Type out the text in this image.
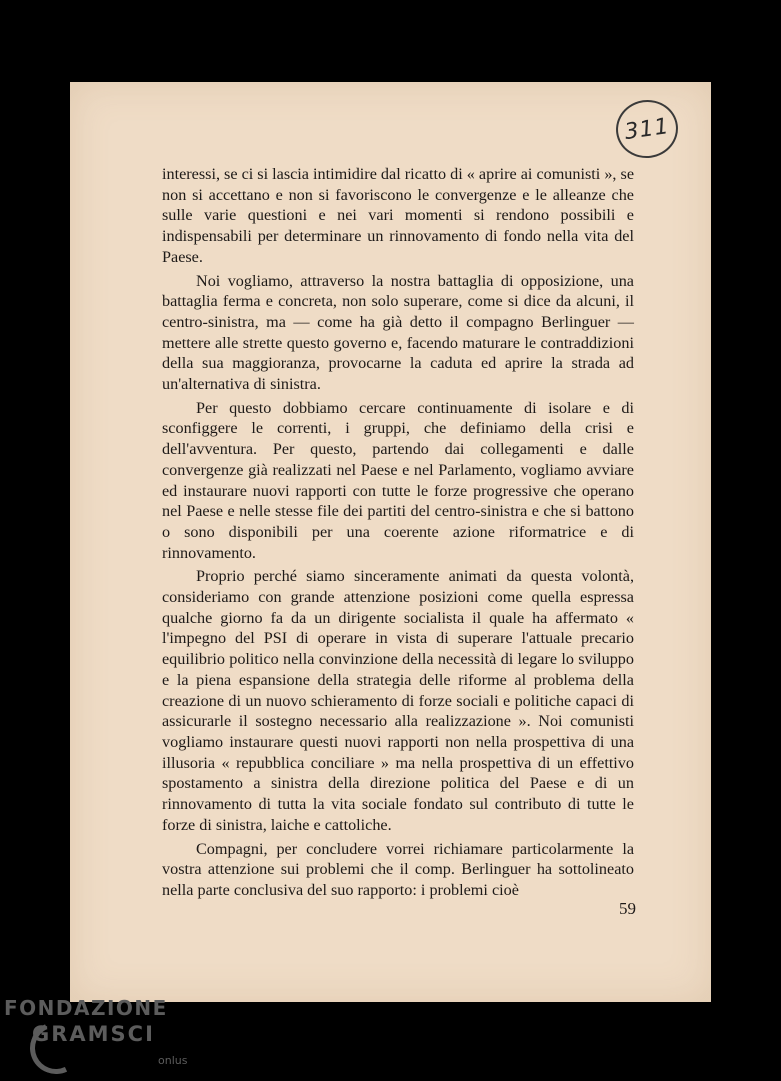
311

interessi, se ci si lascia intimidire dal ricatto di « aprire ai comunisti », se non si accettano e non si favoriscono le convergenze e le alleanze che sulle varie questioni e nei vari momenti si rendono possibili e indispensabili per determinare un rinnovamento di fondo nella vita del Paese.

Noi vogliamo, attraverso la nostra battaglia di opposizione, una battaglia ferma e concreta, non solo superare, come si dice da alcuni, il centro-sinistra, ma — come ha già detto il compagno Berlinguer — mettere alle strette questo governo e, facendo maturare le contraddizioni della sua maggioranza, provocarne la caduta ed aprire la strada ad un'alternativa di sinistra.

Per questo dobbiamo cercare continuamente di isolare e di sconfiggere le correnti, i gruppi, che definiamo della crisi e dell'avventura. Per questo, partendo dai collegamenti e dalle convergenze già realizzati nel Paese e nel Parlamento, vogliamo avviare ed instaurare nuovi rapporti con tutte le forze progressive che operano nel Paese e nelle stesse file dei partiti del centro-sinistra e che si battono o sono disponibili per una coerente azione riformatrice e di rinnovamento.

Proprio perché siamo sinceramente animati da questa volontà, consideriamo con grande attenzione posizioni come quella espressa qualche giorno fa da un dirigente socialista il quale ha affermato « l'impegno del PSI di operare in vista di superare l'attuale precario equilibrio politico nella convinzione della necessità di legare lo sviluppo e la piena espansione della strategia delle riforme al problema della creazione di un nuovo schieramento di forze sociali e politiche capaci di assicurarle il sostegno necessario alla realizzazione ». Noi comunisti vogliamo instaurare questi nuovi rapporti non nella prospettiva di una illusoria « repubblica conciliare » ma nella prospettiva di un effettivo spostamento a sinistra della direzione politica del Paese e di un rinnovamento di tutta la vita sociale fondato sul contributo di tutte le forze di sinistra, laiche e cattoliche.

Compagni, per concludere vorrei richiamare particolarmente la vostra attenzione sui problemi che il comp. Berlinguer ha sottolineato nella parte conclusiva del suo rapporto: i problemi cioè

59
FONDAZIONE
GRAMSCI
onlus
